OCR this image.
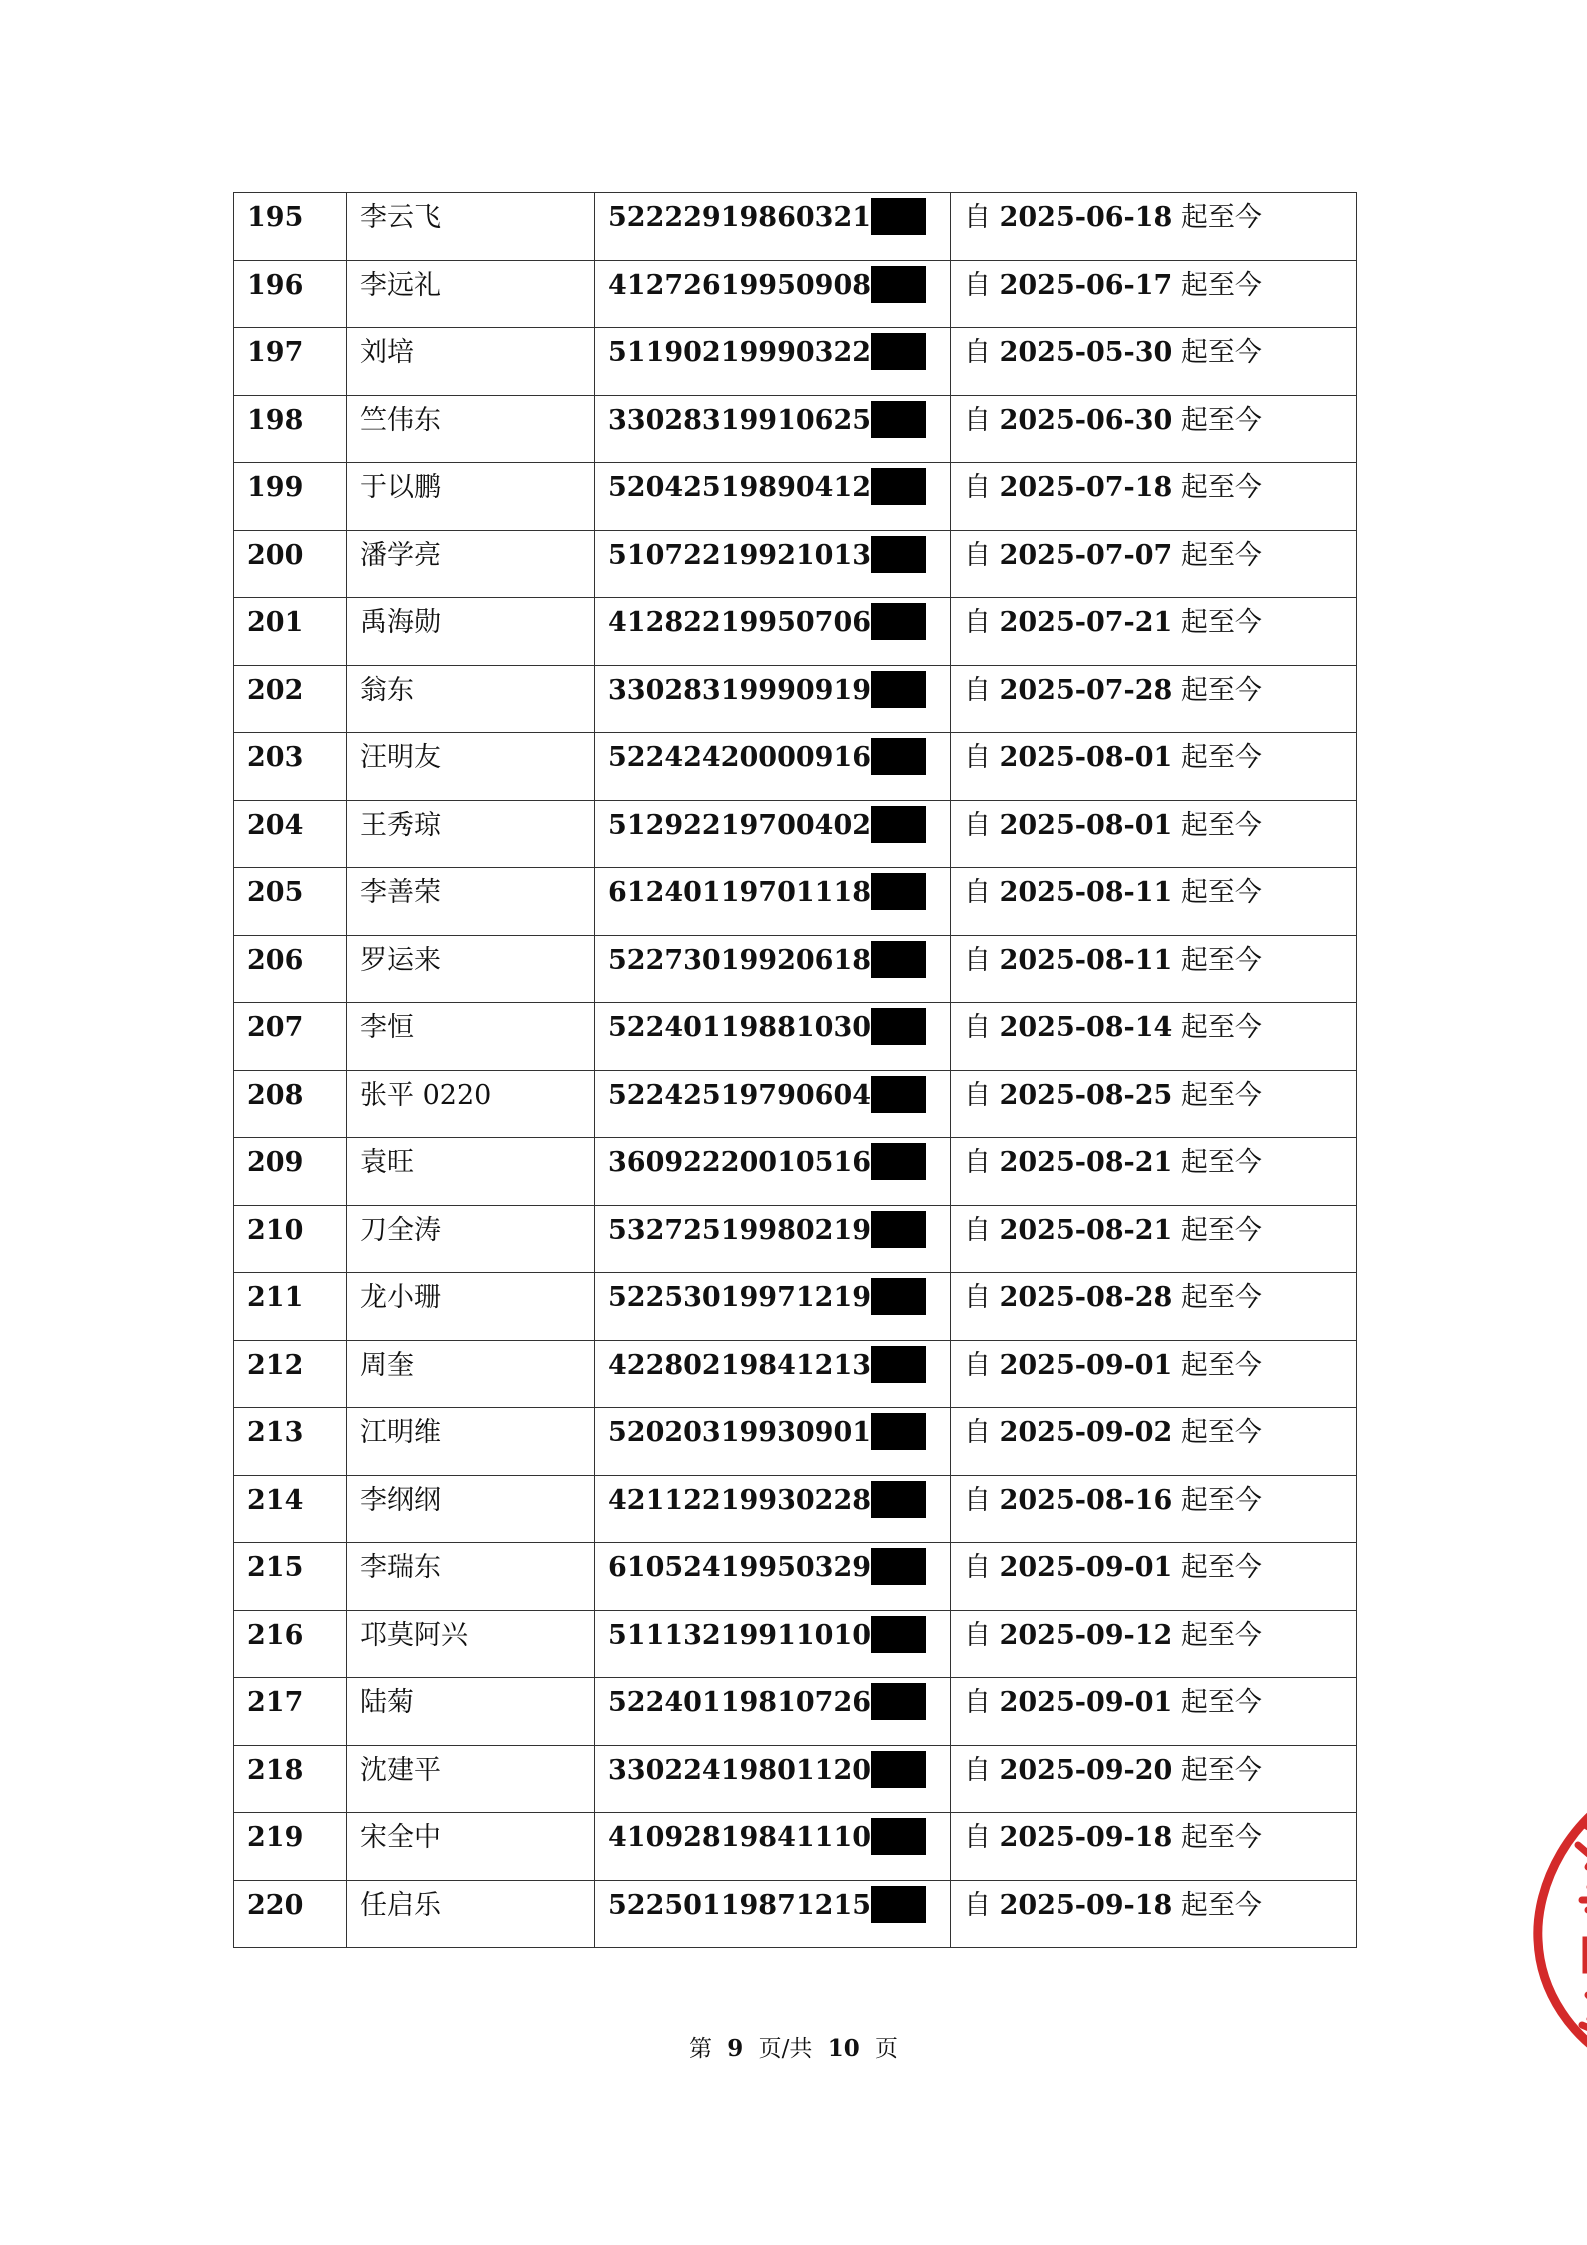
195	李云飞	52222919860321	自 2025-06-18 起至今
196	李远礼	41272619950908	自 2025-06-17 起至今
197	刘培	51190219990322	自 2025-05-30 起至今
198	竺伟东	33028319910625	自 2025-06-30 起至今
199	于以鹏	52042519890412	自 2025-07-18 起至今
200	潘学亮	51072219921013	自 2025-07-07 起至今
201	禹海勋	41282219950706	自 2025-07-21 起至今
202	翁东	33028319990919	自 2025-07-28 起至今
203	汪明友	52242420000916	自 2025-08-01 起至今
204	王秀琼	51292219700402	自 2025-08-01 起至今
205	李善荣	61240119701118	自 2025-08-11 起至今
206	罗运来	52273019920618	自 2025-08-11 起至今
207	李恒	52240119881030	自 2025-08-14 起至今
208	张平 0220	52242519790604	自 2025-08-25 起至今
209	袁旺	36092220010516	自 2025-08-21 起至今
210	刀全涛	53272519980219	自 2025-08-21 起至今
211	龙小珊	52253019971219	自 2025-08-28 起至今
212	周奎	42280219841213	自 2025-09-01 起至今
213	江明维	52020319930901	自 2025-09-02 起至今
214	李纲纲	42112219930228	自 2025-08-16 起至今
215	李瑞东	61052419950329	自 2025-09-01 起至今
216	邛莫阿兴	51113219911010	自 2025-09-12 起至今
217	陆菊	52240119810726	自 2025-09-01 起至今
218	沈建平	33022419801120	自 2025-09-20 起至今
219	宋全中	41092819841110	自 2025-09-18 起至今
220	任启乐	52250119871215	自 2025-09-18 起至今
第 9 页/共 10 页
